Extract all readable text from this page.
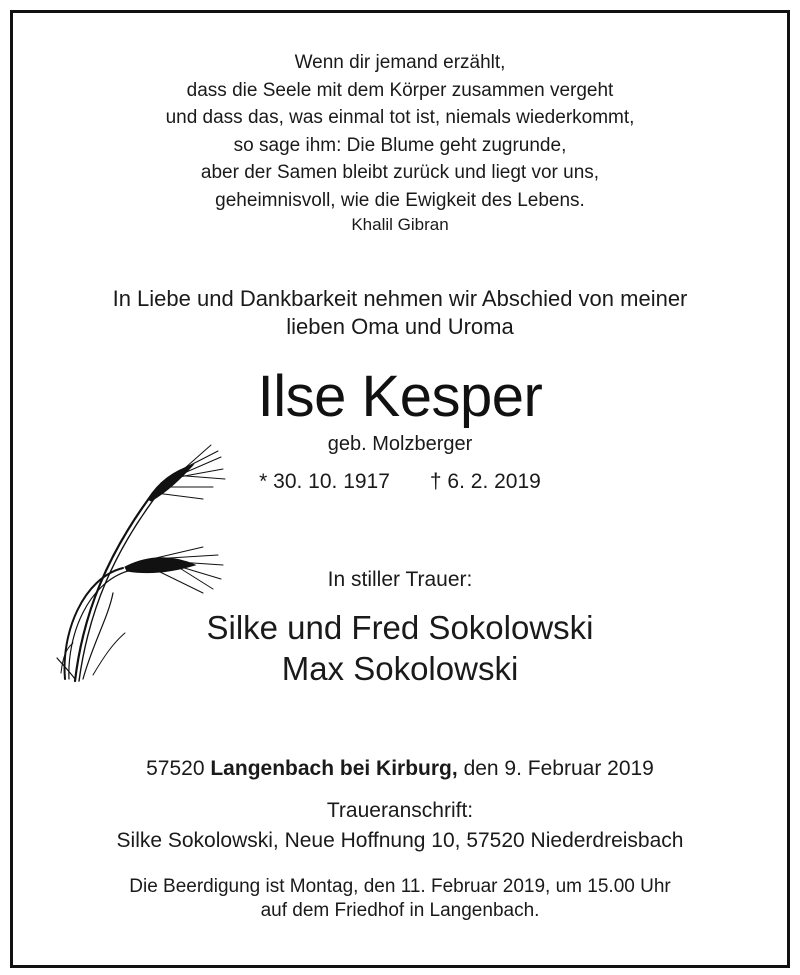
Wenn dir jemand erzählt,
dass die Seele mit dem Körper zusammen vergeht
und dass das, was einmal tot ist, niemals wiederkommt,
so sage ihm: Die Blume geht zugrunde,
aber der Samen bleibt zurück und liegt vor uns,
geheimnisvoll, wie die Ewigkeit des Lebens.
Khalil Gibran
In Liebe und Dankbarkeit nehmen wir Abschied von meiner
lieben Oma und Uroma
Ilse Kesper
geb. Molzberger
* 30. 10. 1917 † 6. 2. 2019
In stiller Trauer:
Silke und Fred Sokolowski
Max Sokolowski
57520 Langenbach bei Kirburg, den 9. Februar 2019
Traueranschrift:
Silke Sokolowski, Neue Hoffnung 10, 57520 Niederdreisbach
Die Beerdigung ist Montag, den 11. Februar 2019, um 15.00 Uhr
auf dem Friedhof in Langenbach.
